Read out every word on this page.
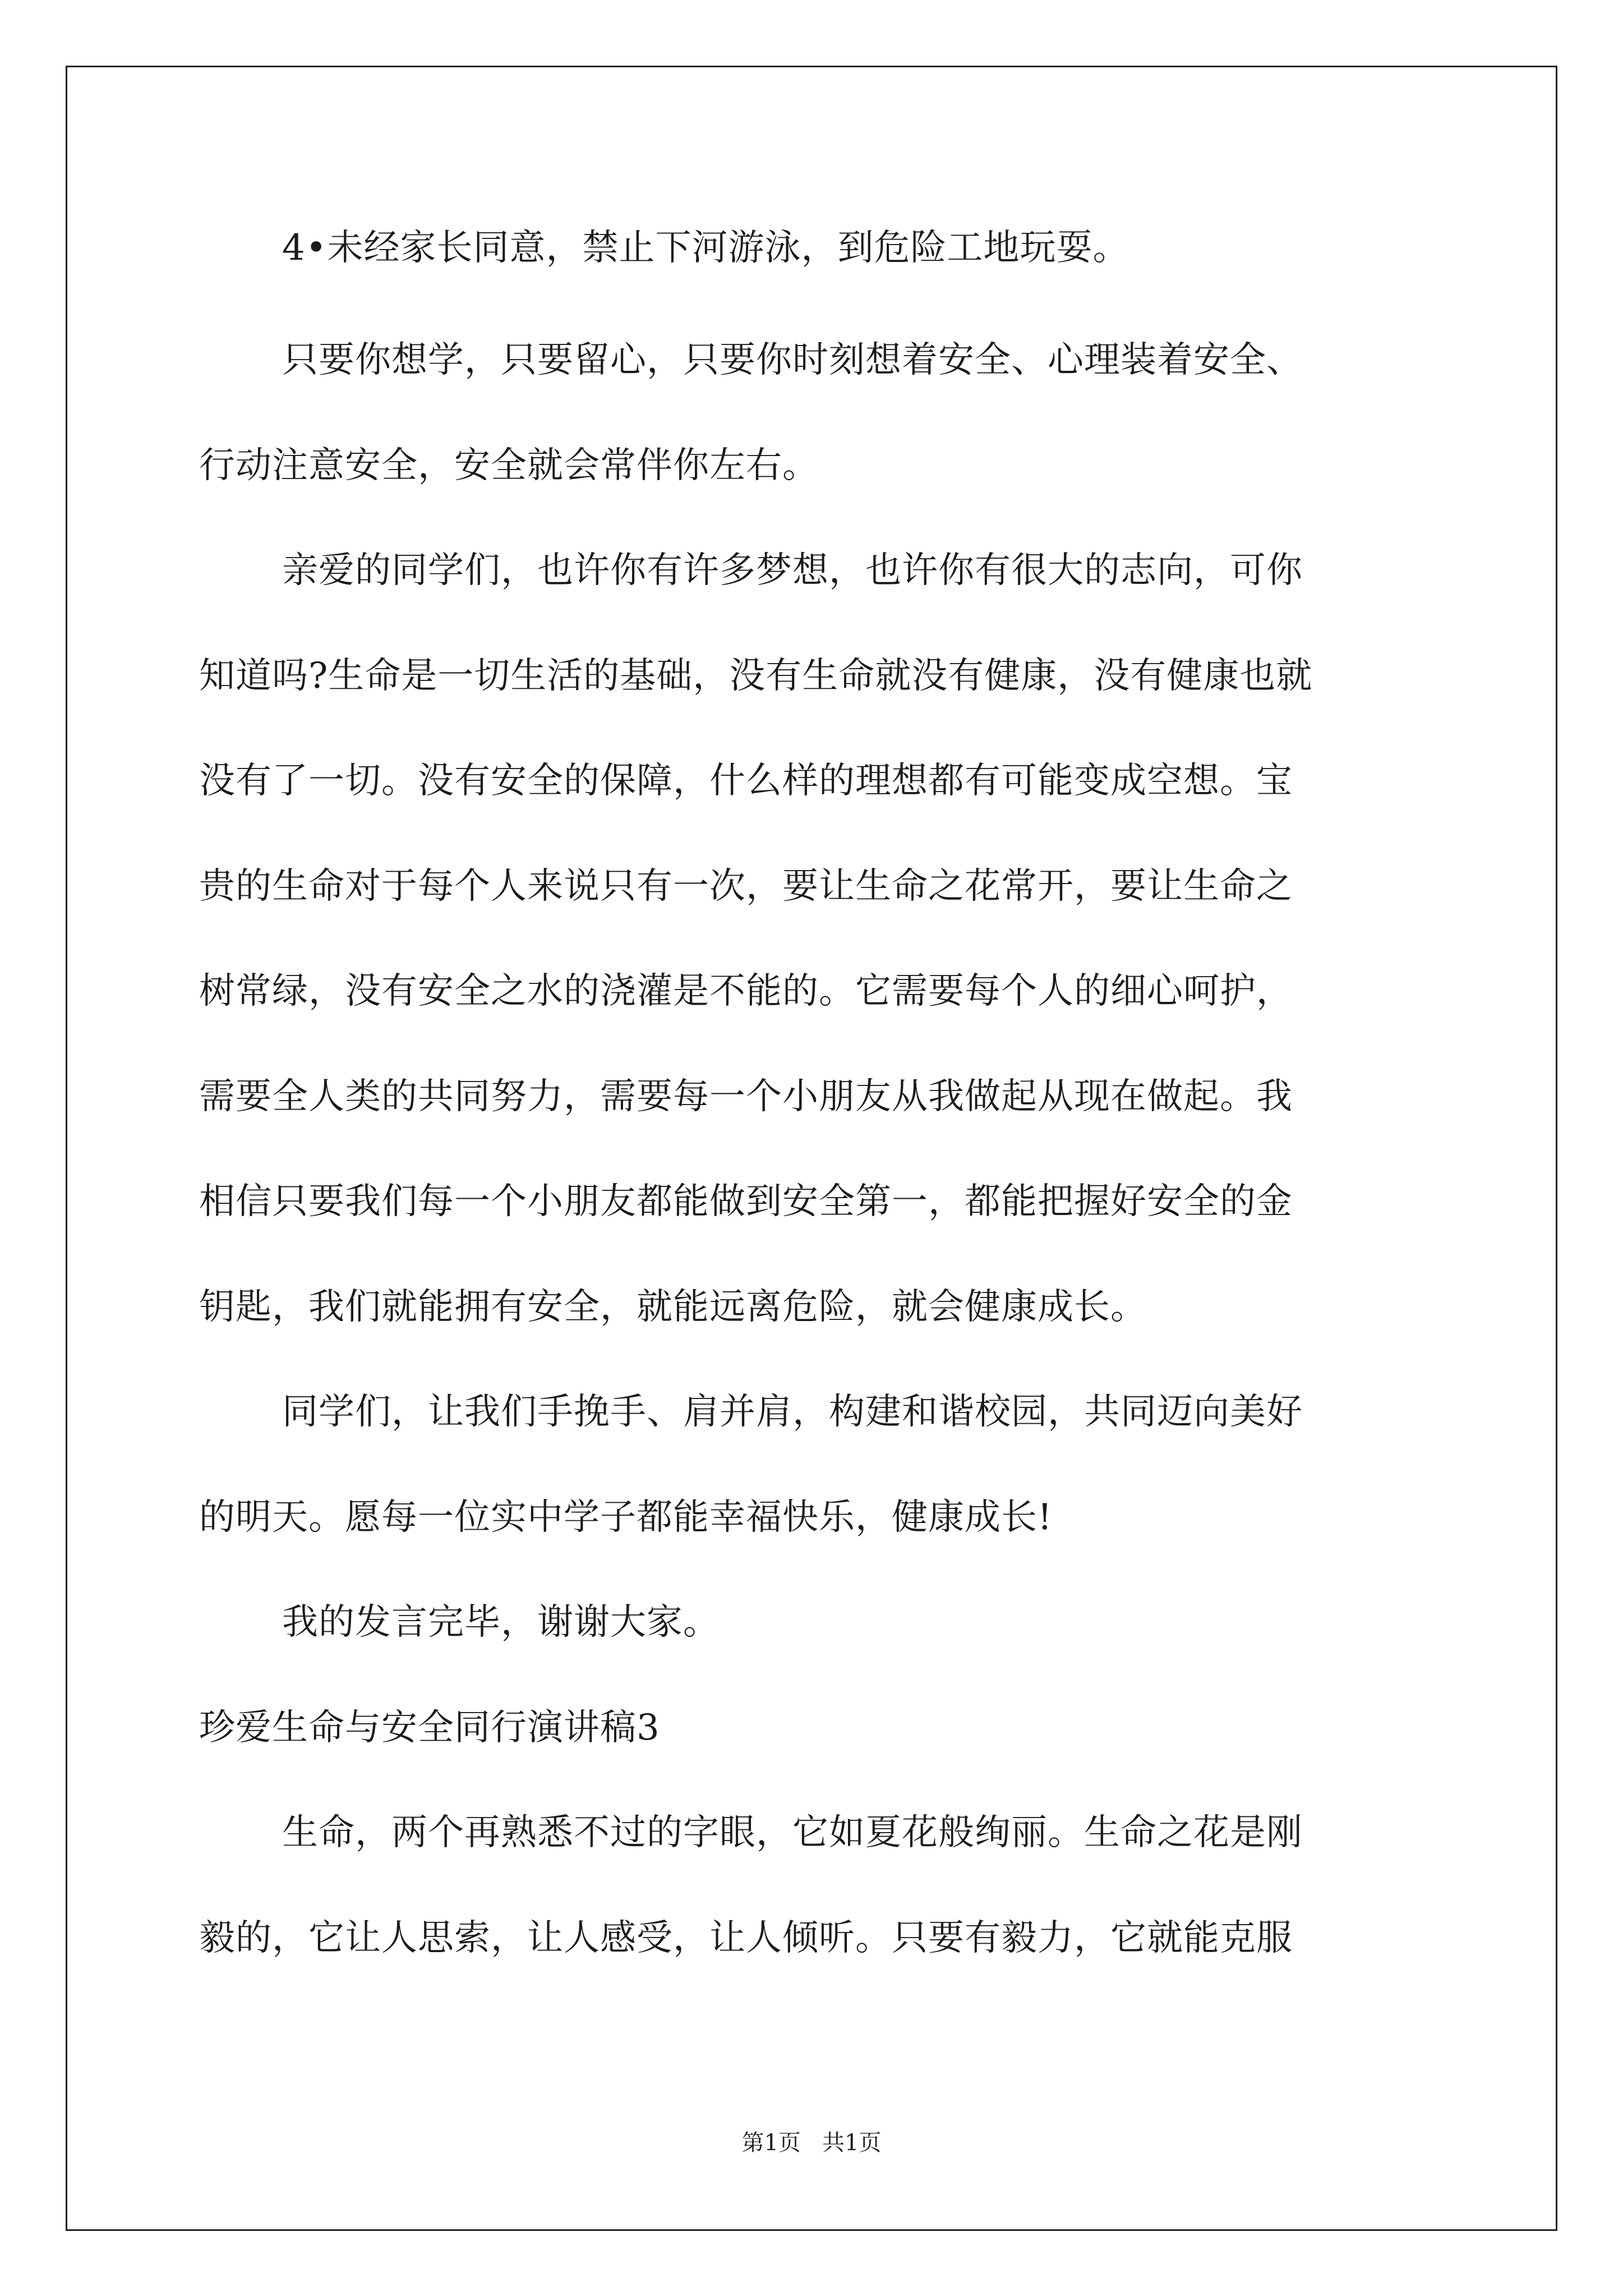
4•未经家长同意，禁止下河游泳，到危险工地玩耍。
只要你想学，只要留心，只要你时刻想着安全、心理装着安全、
行动注意安全，安全就会常伴你左右。
亲爱的同学们，也许你有许多梦想，也许你有很大的志向，可你
知道吗?生命是一切生活的基础，没有生命就没有健康，没有健康也就
没有了一切。没有安全的保障，什么样的理想都有可能变成空想。宝
贵的生命对于每个人来说只有一次，要让生命之花常开，要让生命之
树常绿，没有安全之水的浇灌是不能的。它需要每个人的细心呵护，
需要全人类的共同努力，需要每一个小朋友从我做起从现在做起。我
相信只要我们每一个小朋友都能做到安全第一，都能把握好安全的金
钥匙，我们就能拥有安全，就能远离危险，就会健康成长。
同学们，让我们手挽手、肩并肩，构建和谐校园，共同迈向美好
的明天。愿每一位实中学子都能幸福快乐，健康成长!
我的发言完毕，谢谢大家。
珍爱生命与安全同行演讲稿3
生命，两个再熟悉不过的字眼，它如夏花般绚丽。生命之花是刚
毅的，它让人思索，让人感受，让人倾听。只要有毅力，它就能克服
第1页   共1页
